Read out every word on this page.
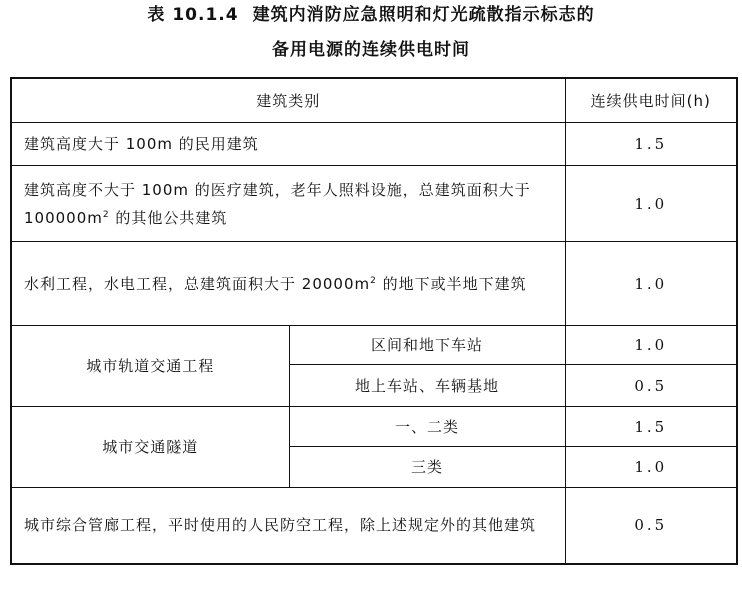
表 10.1.4 建筑内消防应急照明和灯光疏散指示标志的
备用电源的连续供电时间
建筑类别		连续供电时间(h)
建筑高度大于 100m 的民用建筑		1.5
建筑高度不大于 100m 的医疗建筑，老年人照料设施，总建筑面积大于 $100000m^2$ 的其他公共建筑		1.0
水利工程，水电工程，总建筑面积大于 $20000m^2$ 的地下或半地下建筑		1.0
城市轨道交通工程	区间和地下车站	1.0
	地上车站、车辆基地	0.5
城市交通隧道	一、二类	1.5
	三类	1.0
城市综合管廊工程，平时使用的人民防空工程，除上述规定外的其他建筑		0.5
